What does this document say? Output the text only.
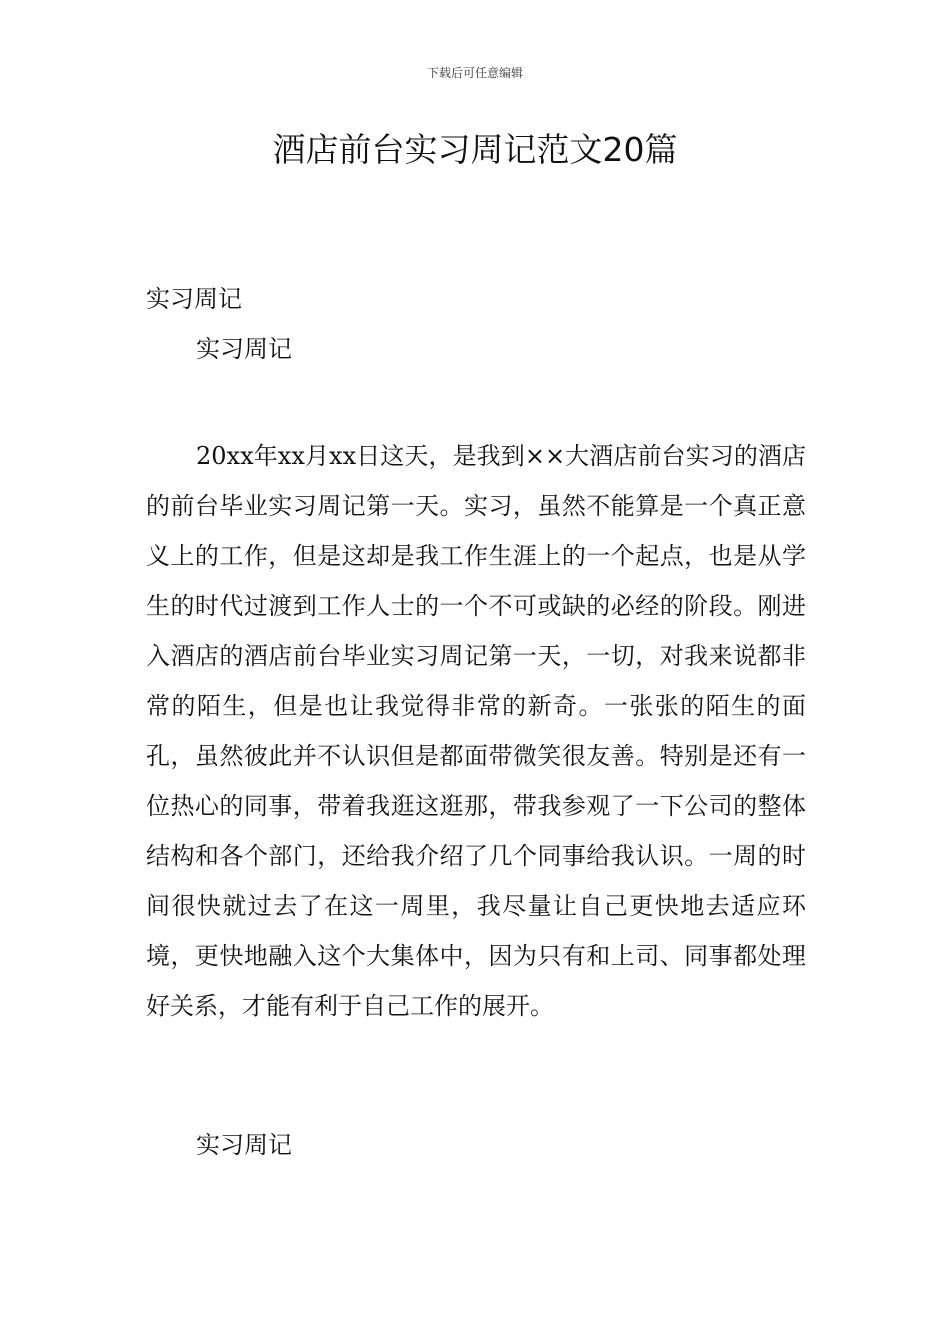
下载后可任意编辑
酒店前台实习周记范文20篇
实习周记
实习周记

20xx年xx月xx日这天，是我到××大酒店前台实习的酒店的前台毕业实习周记第一天。实习，虽然不能算是一个真正意义上的工作，但是这却是我工作生涯上的一个起点，也是从学生的时代过渡到工作人士的一个不可或缺的必经的阶段。刚进入酒店的酒店前台毕业实习周记第一天，一切，对我来说都非常的陌生，但是也让我觉得非常的新奇。一张张的陌生的面孔，虽然彼此并不认识但是都面带微笑很友善。特别是还有一位热心的同事，带着我逛这逛那，带我参观了一下公司的整体结构和各个部门，还给我介绍了几个同事给我认识。一周的时间很快就过去了在这一周里，我尽量让自己更快地去适应环境，更快地融入这个大集体中，因为只有和上司、同事都处理好关系，才能有利于自己工作的展开。

实习周记
